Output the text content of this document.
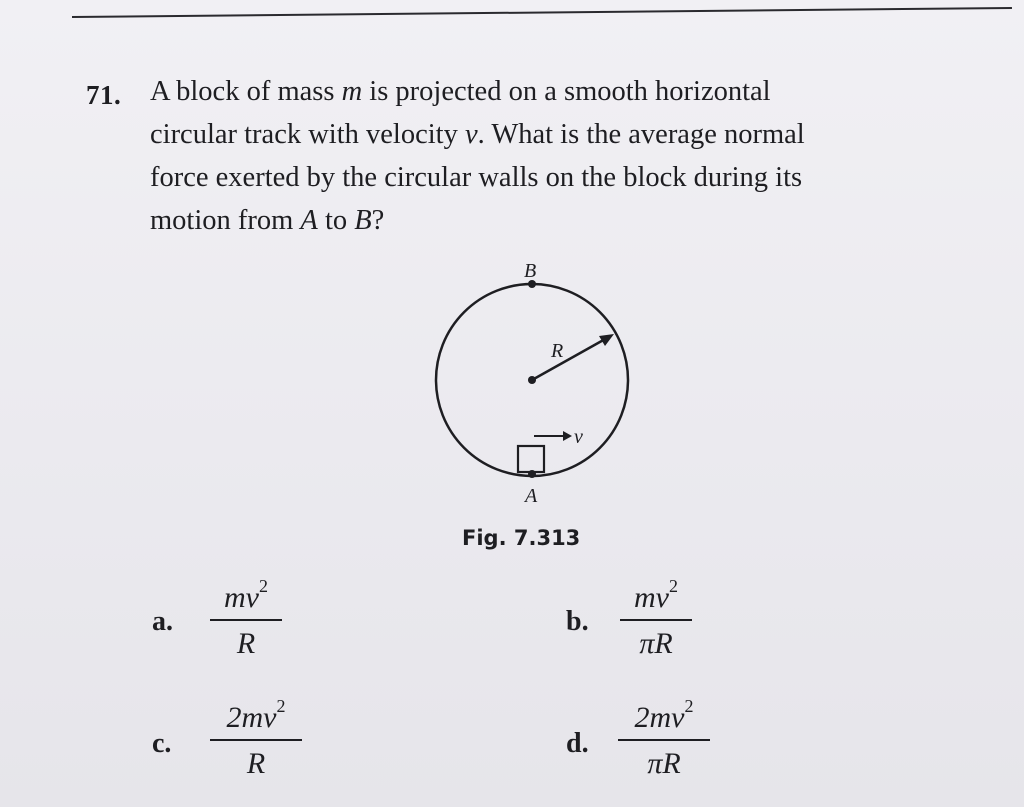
71. A block of mass m is projected on a smooth horizontal
circular track with velocity v. What is the average normal
force exerted by the circular walls on the block during its
motion from A to B?
B
R
v
A
Fig. 7.313
a.
$mv^2$
R
b.
$mv^2$
πR
c.
$2mv^2$
R
d.
$2mv^2$
πR
